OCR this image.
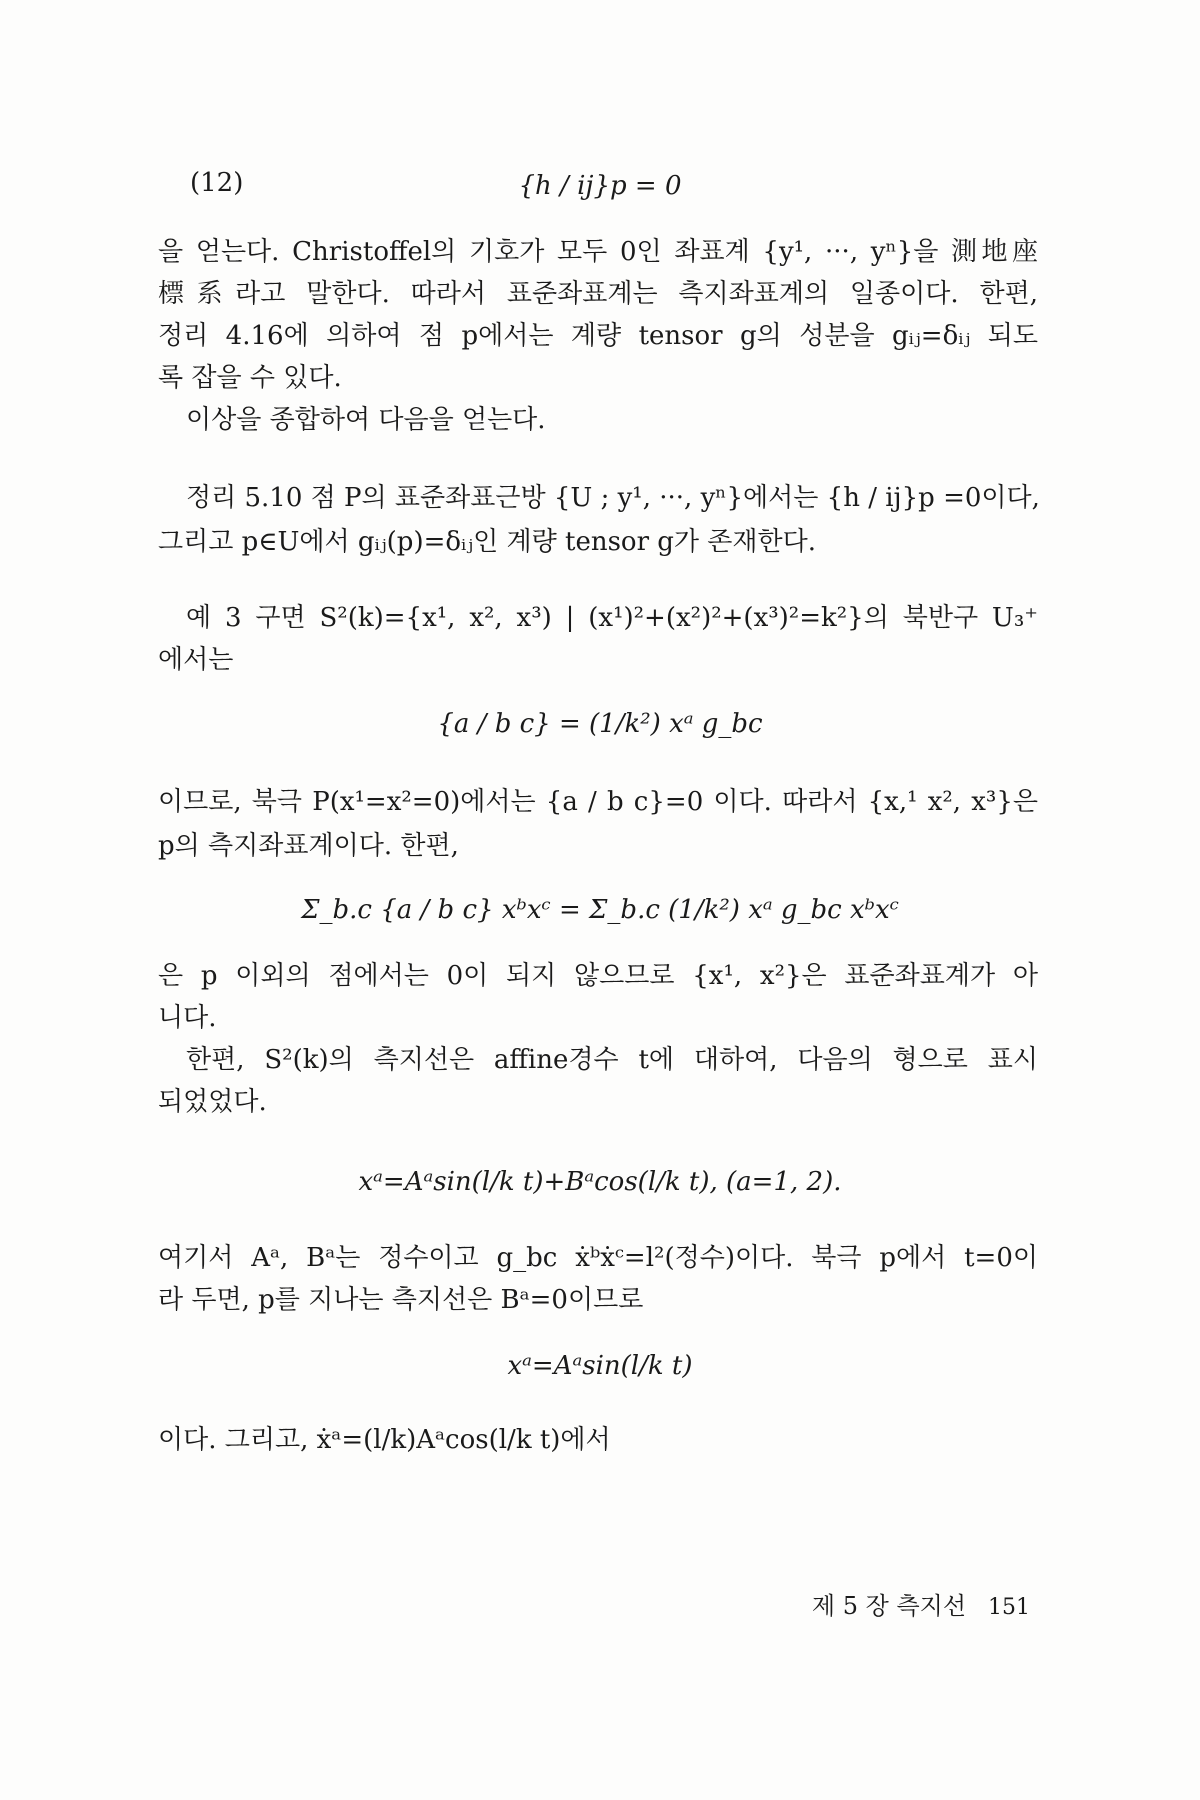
(12)	{h / ij}p = 0
을 얻는다. Christoffel의 기호가 모두 0인 좌표계 {y¹, ···, yⁿ}을 測地座
標系라고 말한다. 따라서 표준좌표계는 측지좌표계의 일종이다. 한편,
정리 4.16에 의하여 점 p에서는 계량 tensor g의 성분을 gᵢⱼ=δᵢⱼ 되도
록 잡을 수 있다.
이상을 종합하여 다음을 얻는다.
정리 5.10 점 P의 표준좌표근방 {U ; y¹, ···, yⁿ}에서는 {h / ij}p =0이다,
그리고 p∈U에서 gᵢⱼ(p)=δᵢⱼ인 계량 tensor g가 존재한다.
예 3 구면 S²(k)={x¹, x², x³) | (x¹)²+(x²)²+(x³)²=k²}의 북반구 U₃⁺
에서는
{a / b c} = (1/k²) xᵃ g_bc
이므로, 북극 P(x¹=x²=0)에서는 {a / b c}=0 이다. 따라서 {x,¹ x², x³}은
p의 측지좌표계이다. 한편,
Σ_b.c {a / b c} xᵇxᶜ = Σ_b.c (1/k²) xᵃ g_bc xᵇxᶜ
은 p 이외의 점에서는 0이 되지 않으므로 {x¹, x²}은 표준좌표계가 아
니다.
한편, S²(k)의 측지선은 affine경수 t에 대하여, 다음의 형으로 표시
되었었다.
xᵃ=Aᵃsin(l/k t)+Bᵃcos(l/k t), (a=1, 2).
여기서 Aᵃ, Bᵃ는 정수이고 g_bc ẋᵇẋᶜ=l²(정수)이다. 북극 p에서 t=0이
라 두면, p를 지나는 측지선은 Bᵃ=0이므로
xᵃ=Aᵃsin(l/k t)
이다. 그리고, ẋᵃ=(l/k)Aᵃcos(l/k t)에서
제 5 장 측지선 151
